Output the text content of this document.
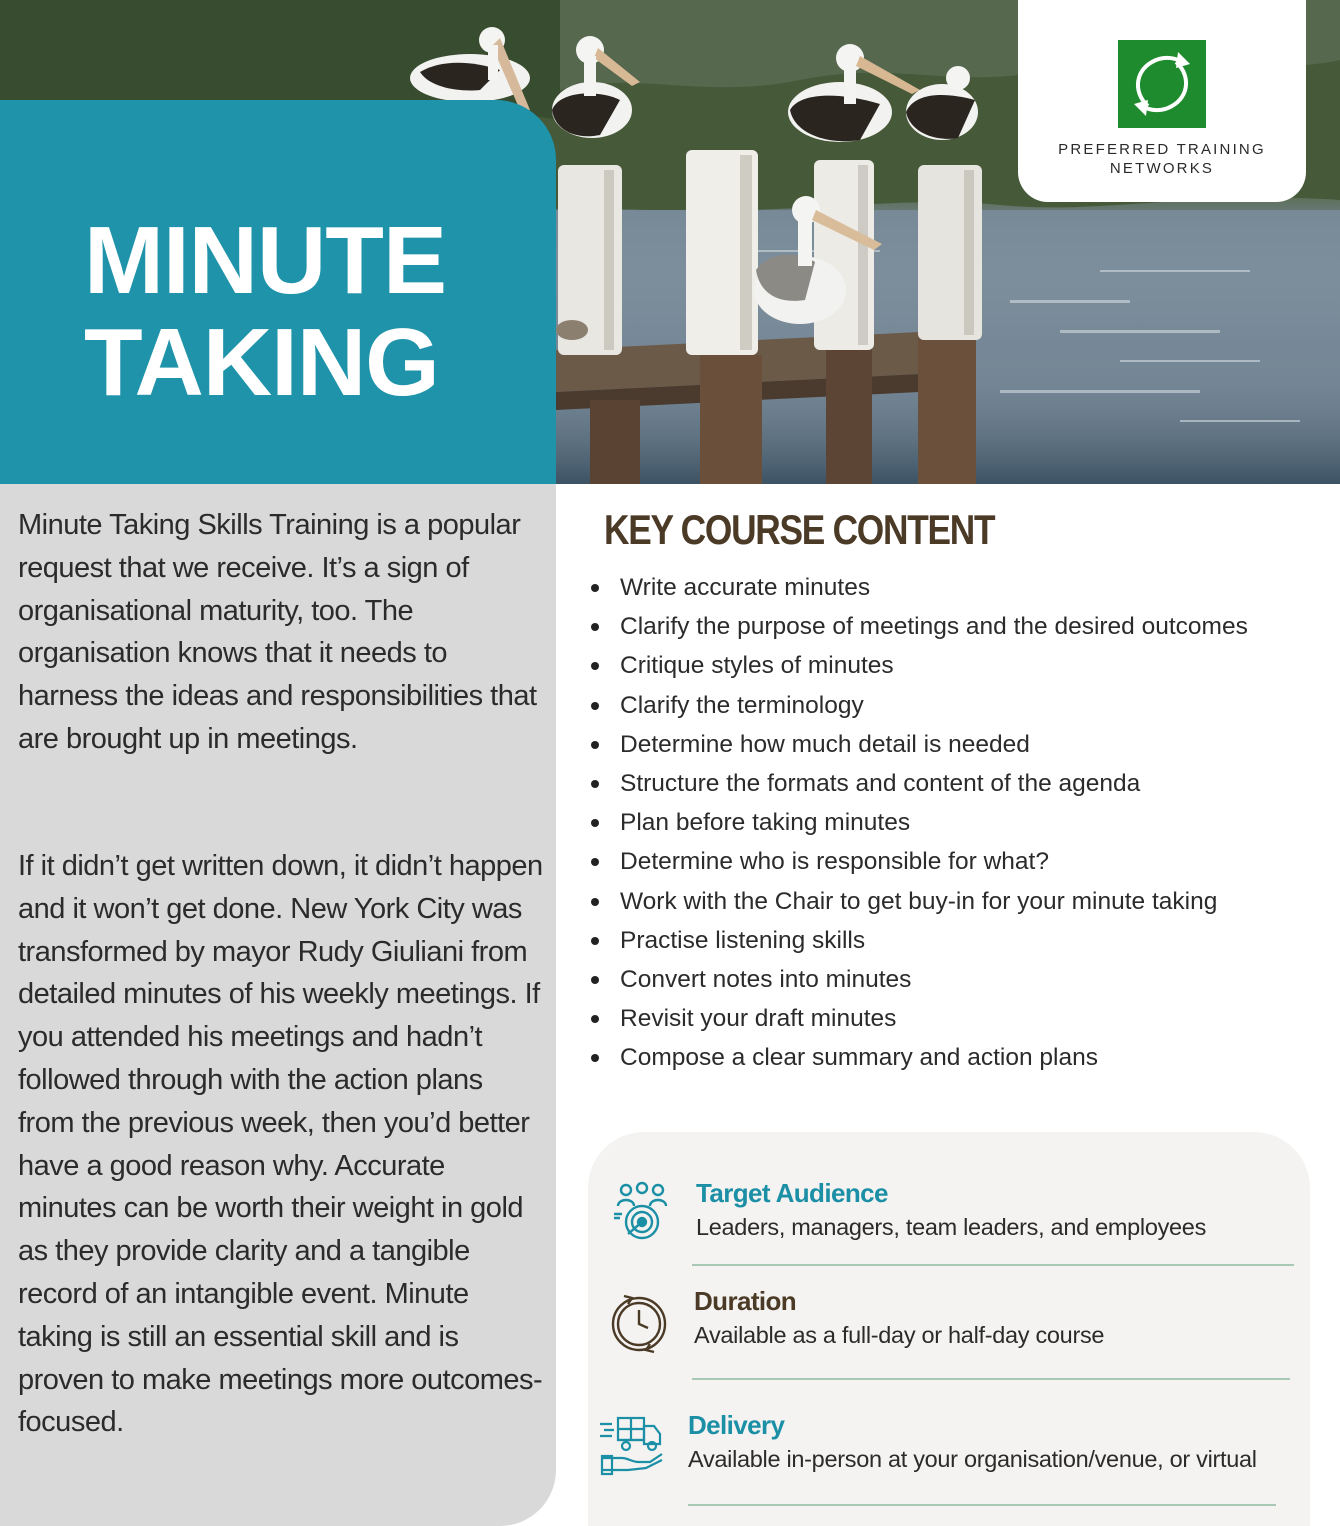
MINUTE
TAKING
PREFERRED TRAINING
NETWORKS

Minute Taking Skills Training is a popular request that we receive. It’s a sign of organisational maturity, too. The organisation knows that it needs to harness the ideas and responsibilities that are brought up in meetings.

If it didn’t get written down, it didn’t happen and it won’t get done. New York City was transformed by mayor Rudy Giuliani from detailed minutes of his weekly meetings. If you attended his meetings and hadn’t followed through with the action plans from the previous week, then you’d better have a good reason why. Accurate minutes can be worth their weight in gold as they provide clarity and a tangible record of an intangible event. Minute taking is still an essential skill and is proven to make meetings more outcomes-focused.

KEY COURSE CONTENT
Write accurate minutes
Clarify the purpose of meetings and the desired outcomes
Critique styles of minutes
Clarify the terminology
Determine how much detail is needed
Structure the formats and content of the agenda
Plan before taking minutes
Determine who is responsible for what?
Work with the Chair to get buy-in for your minute taking
Practise listening skills
Convert notes into minutes
Revisit your draft minutes
Compose a clear summary and action plans
Target Audience
Leaders, managers, team leaders, and employees
Duration
Available as a full-day or half-day course
Delivery
Available in-person at your organisation/venue, or virtual
